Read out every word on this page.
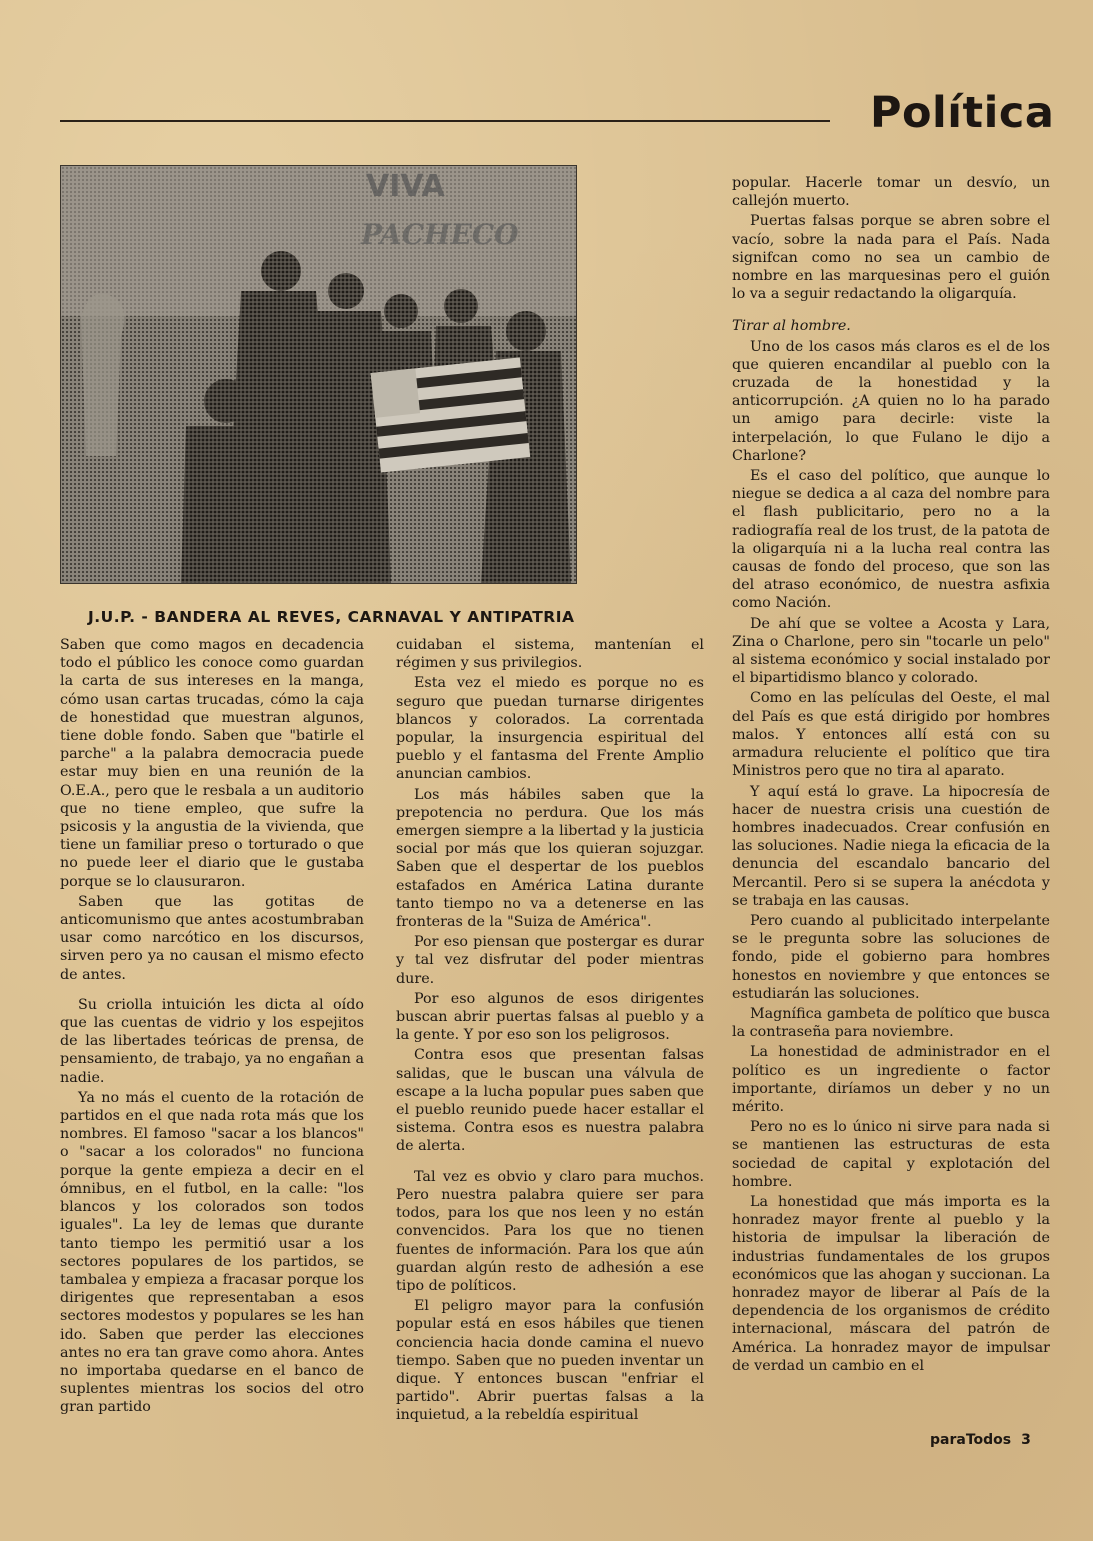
Política
VIVA
PACHECO
J.U.P. - BANDERA AL REVES, CARNAVAL Y ANTIPATRIA

Saben que como magos en decadencia todo el público les conoce como guardan la carta de sus intereses en la manga, cómo usan cartas trucadas, cómo la caja de honestidad que muestran algunos, tiene doble fondo. Saben que "batirle el parche" a la palabra democracia puede estar muy bien en una reunión de la O.E.A., pero que le resbala a un auditorio que no tiene empleo, que sufre la psicosis y la angustia de la vivienda, que tiene un familiar preso o torturado o que no puede leer el diario que le gustaba porque se lo clausuraron.

Saben que las gotitas de anticomunismo que antes acostumbraban usar como narcótico en los discursos, sirven pero ya no causan el mismo efecto de antes.

Su criolla intuición les dicta al oído que las cuentas de vidrio y los espejitos de las libertades teóricas de prensa, de pensamiento, de trabajo, ya no engañan a nadie.

Ya no más el cuento de la rotación de partidos en el que nada rota más que los nombres. El famoso "sacar a los blancos" o "sacar a los colorados" no funciona porque la gente empieza a decir en el ómnibus, en el futbol, en la calle: "los blancos y los colorados son todos iguales". La ley de lemas que durante tanto tiempo les permitió usar a los sectores populares de los partidos, se tambalea y empieza a fracasar porque los dirigentes que representaban a esos sectores modestos y populares se les han ido. Saben que perder las elecciones antes no era tan grave como ahora. Antes no importaba quedarse en el banco de suplentes mientras los socios del otro gran partido

cuidaban el sistema, mantenían el régimen y sus privilegios.

Esta vez el miedo es porque no es seguro que puedan turnarse dirigentes blancos y colorados. La correntada popular, la insurgencia espiritual del pueblo y el fantasma del Frente Amplio anuncian cambios.

Los más hábiles saben que la prepotencia no perdura. Que los más emergen siempre a la libertad y la justicia social por más que los quieran sojuzgar. Saben que el despertar de los pueblos estafados en América Latina durante tanto tiempo no va a detenerse en las fronteras de la "Suiza de América".

Por eso piensan que postergar es durar y tal vez disfrutar del poder mientras dure.

Por eso algunos de esos dirigentes buscan abrir puertas falsas al pueblo y a la gente. Y por eso son los peligrosos.

Contra esos que presentan falsas salidas, que le buscan una válvula de escape a la lucha popular pues saben que el pueblo reunido puede hacer estallar el sistema. Contra esos es nuestra palabra de alerta.

Tal vez es obvio y claro para muchos. Pero nuestra palabra quiere ser para todos, para los que nos leen y no están convencidos. Para los que no tienen fuentes de información. Para los que aún guardan algún resto de adhesión a ese tipo de políticos.

El peligro mayor para la confusión popular está en esos hábiles que tienen conciencia hacia donde camina el nuevo tiempo. Saben que no pueden inventar un dique. Y entonces buscan "enfriar el partido". Abrir puertas falsas a la inquietud, a la rebeldía espiritual

popular. Hacerle tomar un desvío, un callejón muerto.

Puertas falsas porque se abren sobre el vacío, sobre la nada para el País. Nada signifcan como no sea un cambio de nombre en las marquesinas pero el guión lo va a seguir redactando la oligarquía.

Tirar al hombre.

Uno de los casos más claros es el de los que quieren encandilar al pueblo con la cruzada de la honestidad y la anticorrupción. ¿A quien no lo ha parado un amigo para decirle: viste la interpelación, lo que Fulano le dijo a Charlone?

Es el caso del político, que aunque lo niegue se dedica a al caza del nombre para el flash publicitario, pero no a la radiografía real de los trust, de la patota de la oligarquía ni a la lucha real contra las causas de fondo del proceso, que son las del atraso económico, de nuestra asfixia como Nación.

De ahí que se voltee a Acosta y Lara, Zina o Charlone, pero sin "tocarle un pelo" al sistema económico y social instalado por el bipartidismo blanco y colorado.

Como en las películas del Oeste, el mal del País es que está dirigido por hombres malos. Y entonces allí está con su armadura reluciente el político que tira Ministros pero que no tira al aparato.

Y aquí está lo grave. La hipocresía de hacer de nuestra crisis una cuestión de hombres inadecuados. Crear confusión en las soluciones. Nadie niega la eficacia de la denuncia del escandalo bancario del Mercantil. Pero si se supera la anécdota y se trabaja en las causas.

Pero cuando al publicitado interpelante se le pregunta sobre las soluciones de fondo, pide el gobierno para hombres honestos en noviembre y que entonces se estudiarán las soluciones.

Magnífica gambeta de político que busca la contraseña para noviembre.

La honestidad de administrador en el político es un ingrediente o factor importante, diríamos un deber y no un mérito.

Pero no es lo único ni sirve para nada si se mantienen las estructuras de esta sociedad de capital y explotación del hombre.

La honestidad que más importa es la honradez mayor frente al pueblo y la historia de impulsar la liberación de industrias fundamentales de los grupos económicos que las ahogan y succionan. La honradez mayor de liberar al País de la dependencia de los organismos de crédito internacional, máscara del patrón de América. La honradez mayor de impulsar de verdad un cambio en el

paraTodos 3
